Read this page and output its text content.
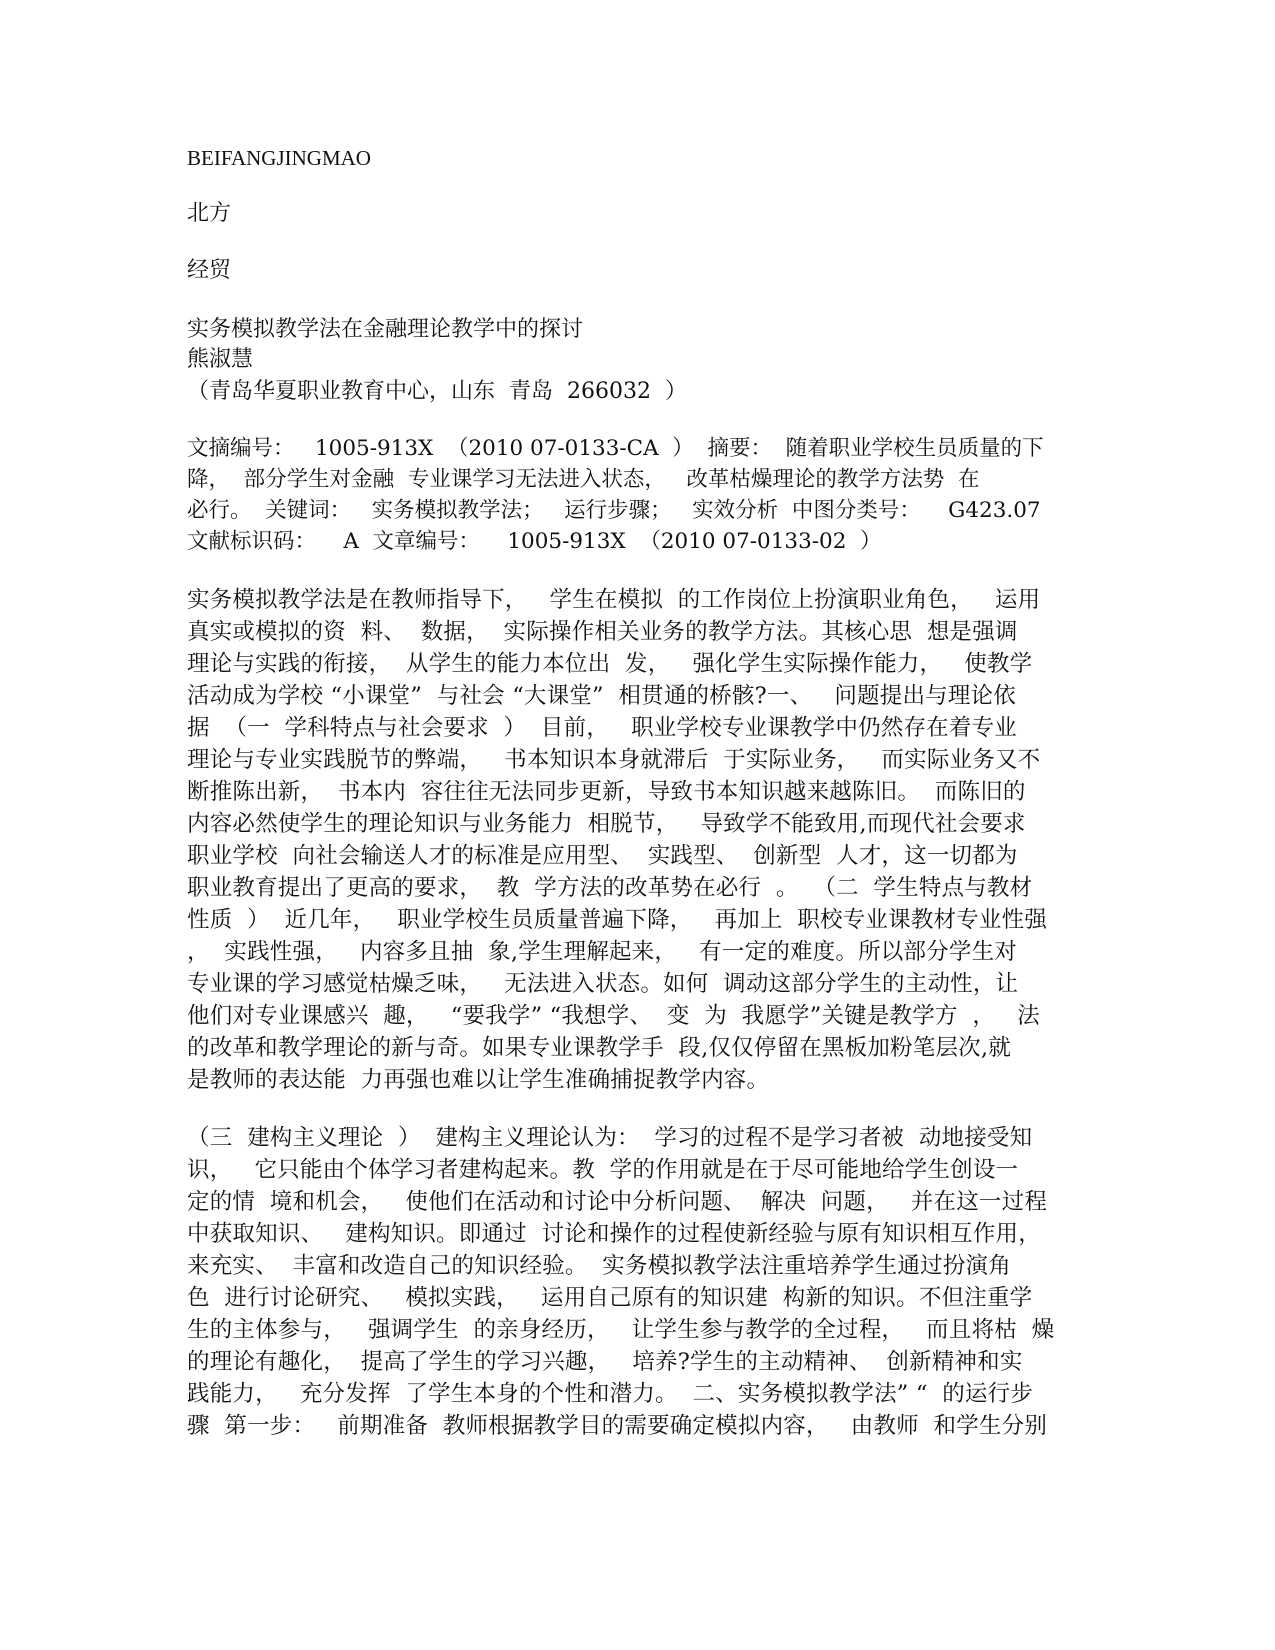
BEIFANGJINGMAO
北方
经贸
实务模拟教学法在金融理论教学中的探讨
熊淑慧
（青岛华夏职业教育中心，山东  青岛  266032  ）
文摘编号：   1005-913X  （2010 07-0133-CA  ）  摘要：  随着职业学校生员质量的下
降，  部分学生对金融  专业课学习无法进入状态，   改革枯燥理论的教学方法势  在
必行。  关键词：   实务模拟教学法；   运行步骤；   实效分析  中图分类号：    G423.07
文献标识码：    A  文章编号：    1005-913X  （2010 07-0133-02  ）
实务模拟教学法是在教师指导下，   学生在模拟  的工作岗位上扮演职业角色，   运用
真实或模拟的资  料、  数据，  实际操作相关业务的教学方法。其核心思  想是强调
理论与实践的衔接，  从学生的能力本位出  发，   强化学生实际操作能力，   使教学
活动成为学校 “小课堂”  与社会 “大课堂”  相贯通的桥骸?一、   问题提出与理论依
据  （一  学科特点与社会要求  ）  目前，   职业学校专业课教学中仍然存在着专业
理论与专业实践脱节的弊端，   书本知识本身就滞后  于实际业务，   而实际业务又不
断推陈出新，  书本内  容往往无法同步更新，导致书本知识越来越陈旧。  而陈旧的
内容必然使学生的理论知识与业务能力  相脱节，   导致学不能致用,而现代社会要求
职业学校  向社会输送人才的标准是应用型、  实践型、  创新型  人才，这一切都为
职业教育提出了更高的要求，  教  学方法的改革势在必行  。  （二  学生特点与教材
性质  ）  近几年，   职业学校生员质量普遍下降，   再加上  职校专业课教材专业性强
，  实践性强，   内容多且抽  象,学生理解起来，   有一定的难度。所以部分学生对
专业课的学习感觉枯燥乏味，   无法进入状态。如何  调动这部分学生的主动性，让
他们对专业课感兴  趣，   “要我学” “我想学、  变  为  我愿学”关键是教学方  ，   法
的改革和教学理论的新与奇。如果专业课教学手  段,仅仅停留在黑板加粉笔层次,就
是教师的表达能  力再强也难以让学生准确捕捉教学内容。
（三  建构主义理论  ）  建构主义理论认为：  学习的过程不是学习者被  动地接受知
识，   它只能由个体学习者建构起来。教  学的作用就是在于尽可能地给学生创设一
定的情  境和机会，   使他们在活动和讨论中分析问题、  解决  问题，   并在这一过程
中获取知识、   建构知识。即通过  讨论和操作的过程使新经验与原有知识相互作用，
来充实、  丰富和改造自己的知识经验。  实务模拟教学法注重培养学生通过扮演角
色  进行讨论研究、   模拟实践，   运用自己原有的知识建  构新的知识。不但注重学
生的主体参与，   强调学生  的亲身经历，   让学生参与教学的全过程，   而且将枯  燥
的理论有趣化，  提高了学生的学习兴趣，   培养?学生的主动精神、  创新精神和实
践能力，   充分发挥  了学生本身的个性和潜力。  二、实务模拟教学法” “  的运行步
骤  第一步：   前期准备  教师根据教学目的需要确定模拟内容，   由教师  和学生分别
